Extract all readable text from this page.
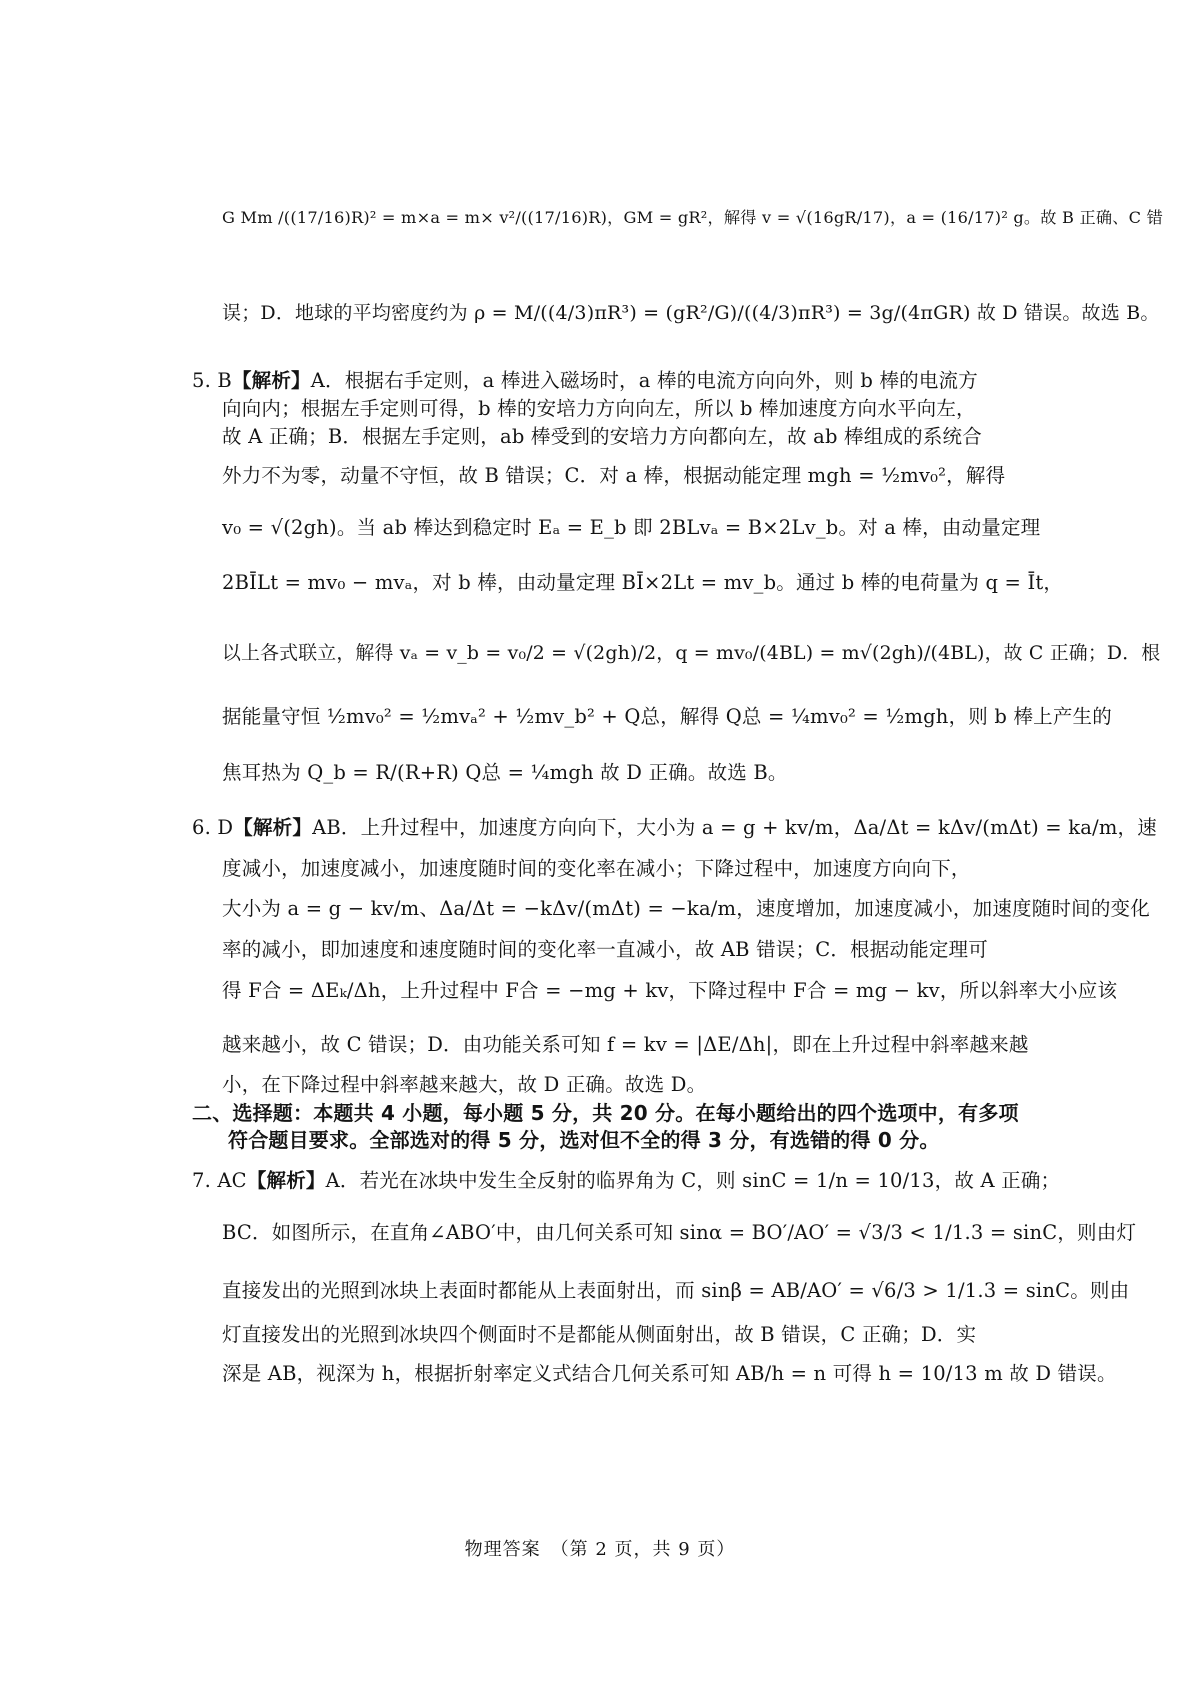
G Mm /((17/16)R)² = m×a = m× v²/((17/16)R)，GM = gR²，解得 v = √(16gR/17)，a = (16/17)² g。故 B 正确、C 错
误；D．地球的平均密度约为 ρ = M/((4/3)πR³) = (gR²/G)/((4/3)πR³) = 3g/(4πGR) 故 D 错误。故选 B。
5. B【解析】A．根据右手定则，a 棒进入磁场时，a 棒的电流方向向外，则 b 棒的电流方
向向内；根据左手定则可得，b 棒的安培力方向向左，所以 b 棒加速度方向水平向左，
故 A 正确；B．根据左手定则，ab 棒受到的安培力方向都向左，故 ab 棒组成的系统合
外力不为零，动量不守恒，故 B 错误；C．对 a 棒，根据动能定理 mgh = ½mv₀²，解得
v₀ = √(2gh)。当 ab 棒达到稳定时 Eₐ = E_b 即 2BLvₐ = B×2Lv_b。对 a 棒，由动量定理
2BĪLt = mv₀ − mvₐ，对 b 棒，由动量定理 BĪ×2Lt = mv_b。通过 b 棒的电荷量为 q = Īt，
以上各式联立，解得 vₐ = v_b = v₀/2 = √(2gh)/2，q = mv₀/(4BL) = m√(2gh)/(4BL)，故 C 正确；D．根
据能量守恒 ½mv₀² = ½mvₐ² + ½mv_b² + Q总，解得 Q总 = ¼mv₀² = ½mgh，则 b 棒上产生的
焦耳热为 Q_b = R/(R+R) Q总 = ¼mgh 故 D 正确。故选 B。
6. D【解析】AB．上升过程中，加速度方向向下，大小为 a = g + kv/m，Δa/Δt = kΔv/(mΔt) = ka/m，速
度减小，加速度减小，加速度随时间的变化率在减小；下降过程中，加速度方向向下，
大小为 a = g − kv/m、Δa/Δt = −kΔv/(mΔt) = −ka/m，速度增加，加速度减小，加速度随时间的变化
率的减小，即加速度和速度随时间的变化率一直减小，故 AB 错误；C．根据动能定理可
得 F合 = ΔEₖ/Δh，上升过程中 F合 = −mg + kv，下降过程中 F合 = mg − kv，所以斜率大小应该
越来越小，故 C 错误；D．由功能关系可知 f = kv = |ΔE/Δh|，即在上升过程中斜率越来越
小，在下降过程中斜率越来越大，故 D 正确。故选 D。
二、选择题：本题共 4 小题，每小题 5 分，共 20 分。在每小题给出的四个选项中，有多项
符合题目要求。全部选对的得 5 分，选对但不全的得 3 分，有选错的得 0 分。
7. AC【解析】A．若光在冰块中发生全反射的临界角为 C，则 sinC = 1/n = 10/13，故 A 正确；
BC．如图所示，在直角∠ABO′中，由几何关系可知 sinα = BO′/AO′ = √3/3 < 1/1.3 = sinC，则由灯
直接发出的光照到冰块上表面时都能从上表面射出，而 sinβ = AB/AO′ = √6/3 > 1/1.3 = sinC。则由
灯直接发出的光照到冰块四个侧面时不是都能从侧面射出，故 B 错误，C 正确；D．实
深是 AB，视深为 h，根据折射率定义式结合几何关系可知 AB/h = n 可得 h = 10/13 m 故 D 错误。
物理答案　（第 2 页，共 9 页）
